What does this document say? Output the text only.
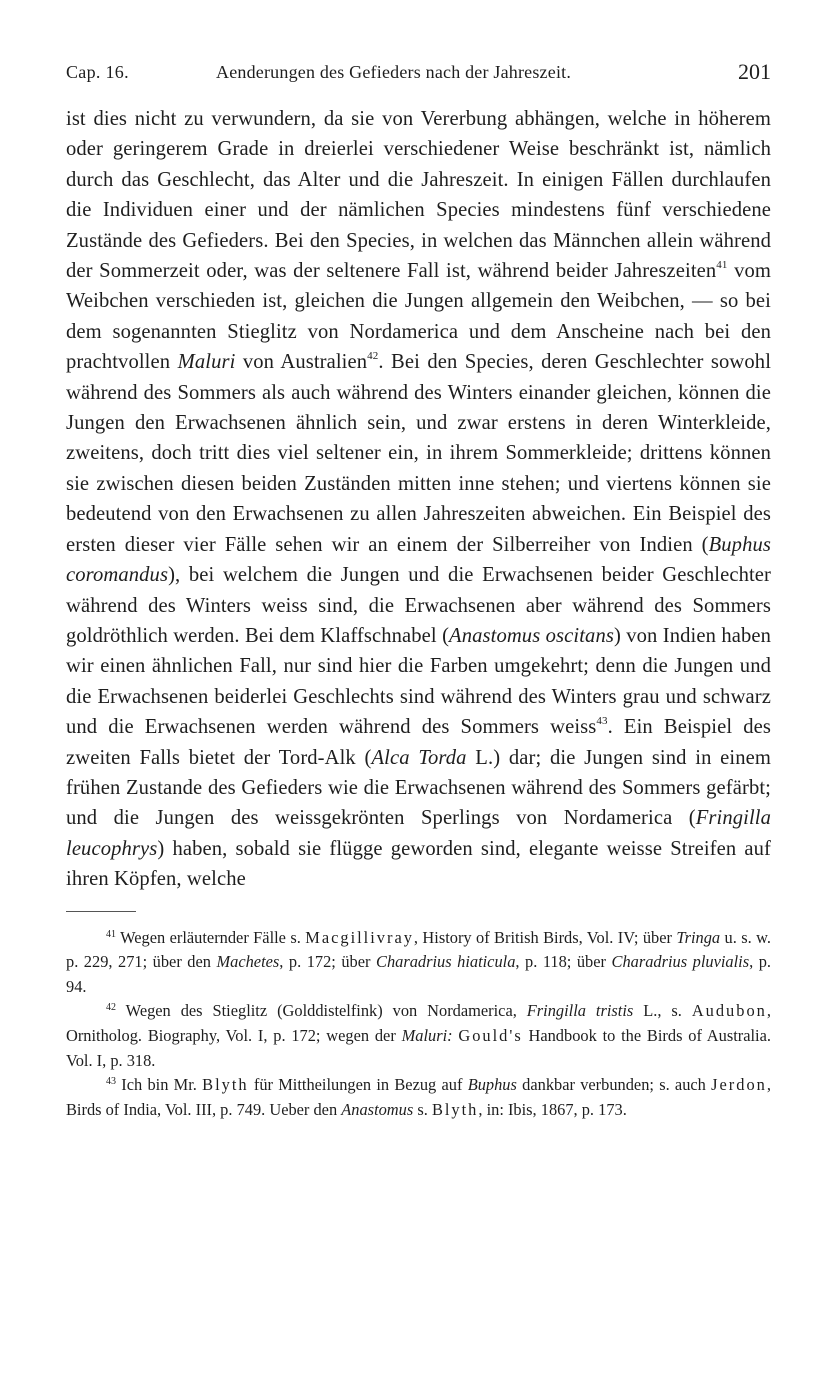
Cap. 16.	Aenderungen des Gefieders nach der Jahreszeit.	201

ist dies nicht zu verwundern, da sie von Vererbung abhängen, welche in höherem oder geringerem Grade in dreierlei verschiedener Weise beschränkt ist, nämlich durch das Geschlecht, das Alter und die Jahreszeit. In einigen Fällen durchlaufen die Individuen einer und der nämlichen Species mindestens fünf verschiedene Zustände des Gefieders. Bei den Species, in welchen das Männchen allein während der Sommerzeit oder, was der seltenere Fall ist, während beider Jahreszeiten$^{41}$ vom Weibchen verschieden ist, gleichen die Jungen allgemein den Weibchen, — so bei dem sogenannten Stieglitz von Nordamerica und dem Anscheine nach bei den prachtvollen Maluri von Australien$^{42}$. Bei den Species, deren Geschlechter sowohl während des Sommers als auch während des Winters einander gleichen, können die Jungen den Erwachsenen ähnlich sein, und zwar erstens in deren Winterkleide, zweitens, doch tritt dies viel seltener ein, in ihrem Sommerkleide; drittens können sie zwischen diesen beiden Zuständen mitten inne stehen; und viertens können sie bedeutend von den Erwachsenen zu allen Jahreszeiten abweichen. Ein Beispiel des ersten dieser vier Fälle sehen wir an einem der Silberreiher von Indien (Buphus coromandus), bei welchem die Jungen und die Erwachsenen beider Geschlechter während des Winters weiss sind, die Erwachsenen aber während des Sommers goldröthlich werden. Bei dem Klaffschnabel (Anastomus oscitans) von Indien haben wir einen ähnlichen Fall, nur sind hier die Farben umgekehrt; denn die Jungen und die Erwachsenen beiderlei Geschlechts sind während des Winters grau und schwarz und die Erwachsenen werden während des Sommers weiss$^{43}$. Ein Beispiel des zweiten Falls bietet der Tord-Alk (Alca Torda L.) dar; die Jungen sind in einem frühen Zustande des Gefieders wie die Erwachsenen während des Sommers gefärbt; und die Jungen des weissgekrönten Sperlings von Nordamerica (Fringilla leucophrys) haben, sobald sie flügge geworden sind, elegante weisse Streifen auf ihren Köpfen, welche

$^{41}$ Wegen erläuternder Fälle s. Macgillivray, History of British Birds, Vol. IV; über Tringa u. s. w. p. 229, 271; über den Machetes, p. 172; über Charadrius hiaticula, p. 118; über Charadrius pluvialis, p. 94.

$^{42}$ Wegen des Stieglitz (Golddistelfink) von Nordamerica, Fringilla tristis L., s. Audubon, Ornitholog. Biography, Vol. I, p. 172; wegen der Maluri: Gould's Handbook to the Birds of Australia. Vol. I, p. 318.

$^{43}$ Ich bin Mr. Blyth für Mittheilungen in Bezug auf Buphus dankbar verbunden; s. auch Jerdon, Birds of India, Vol. III, p. 749. Ueber den Anastomus s. Blyth, in: Ibis, 1867, p. 173.
